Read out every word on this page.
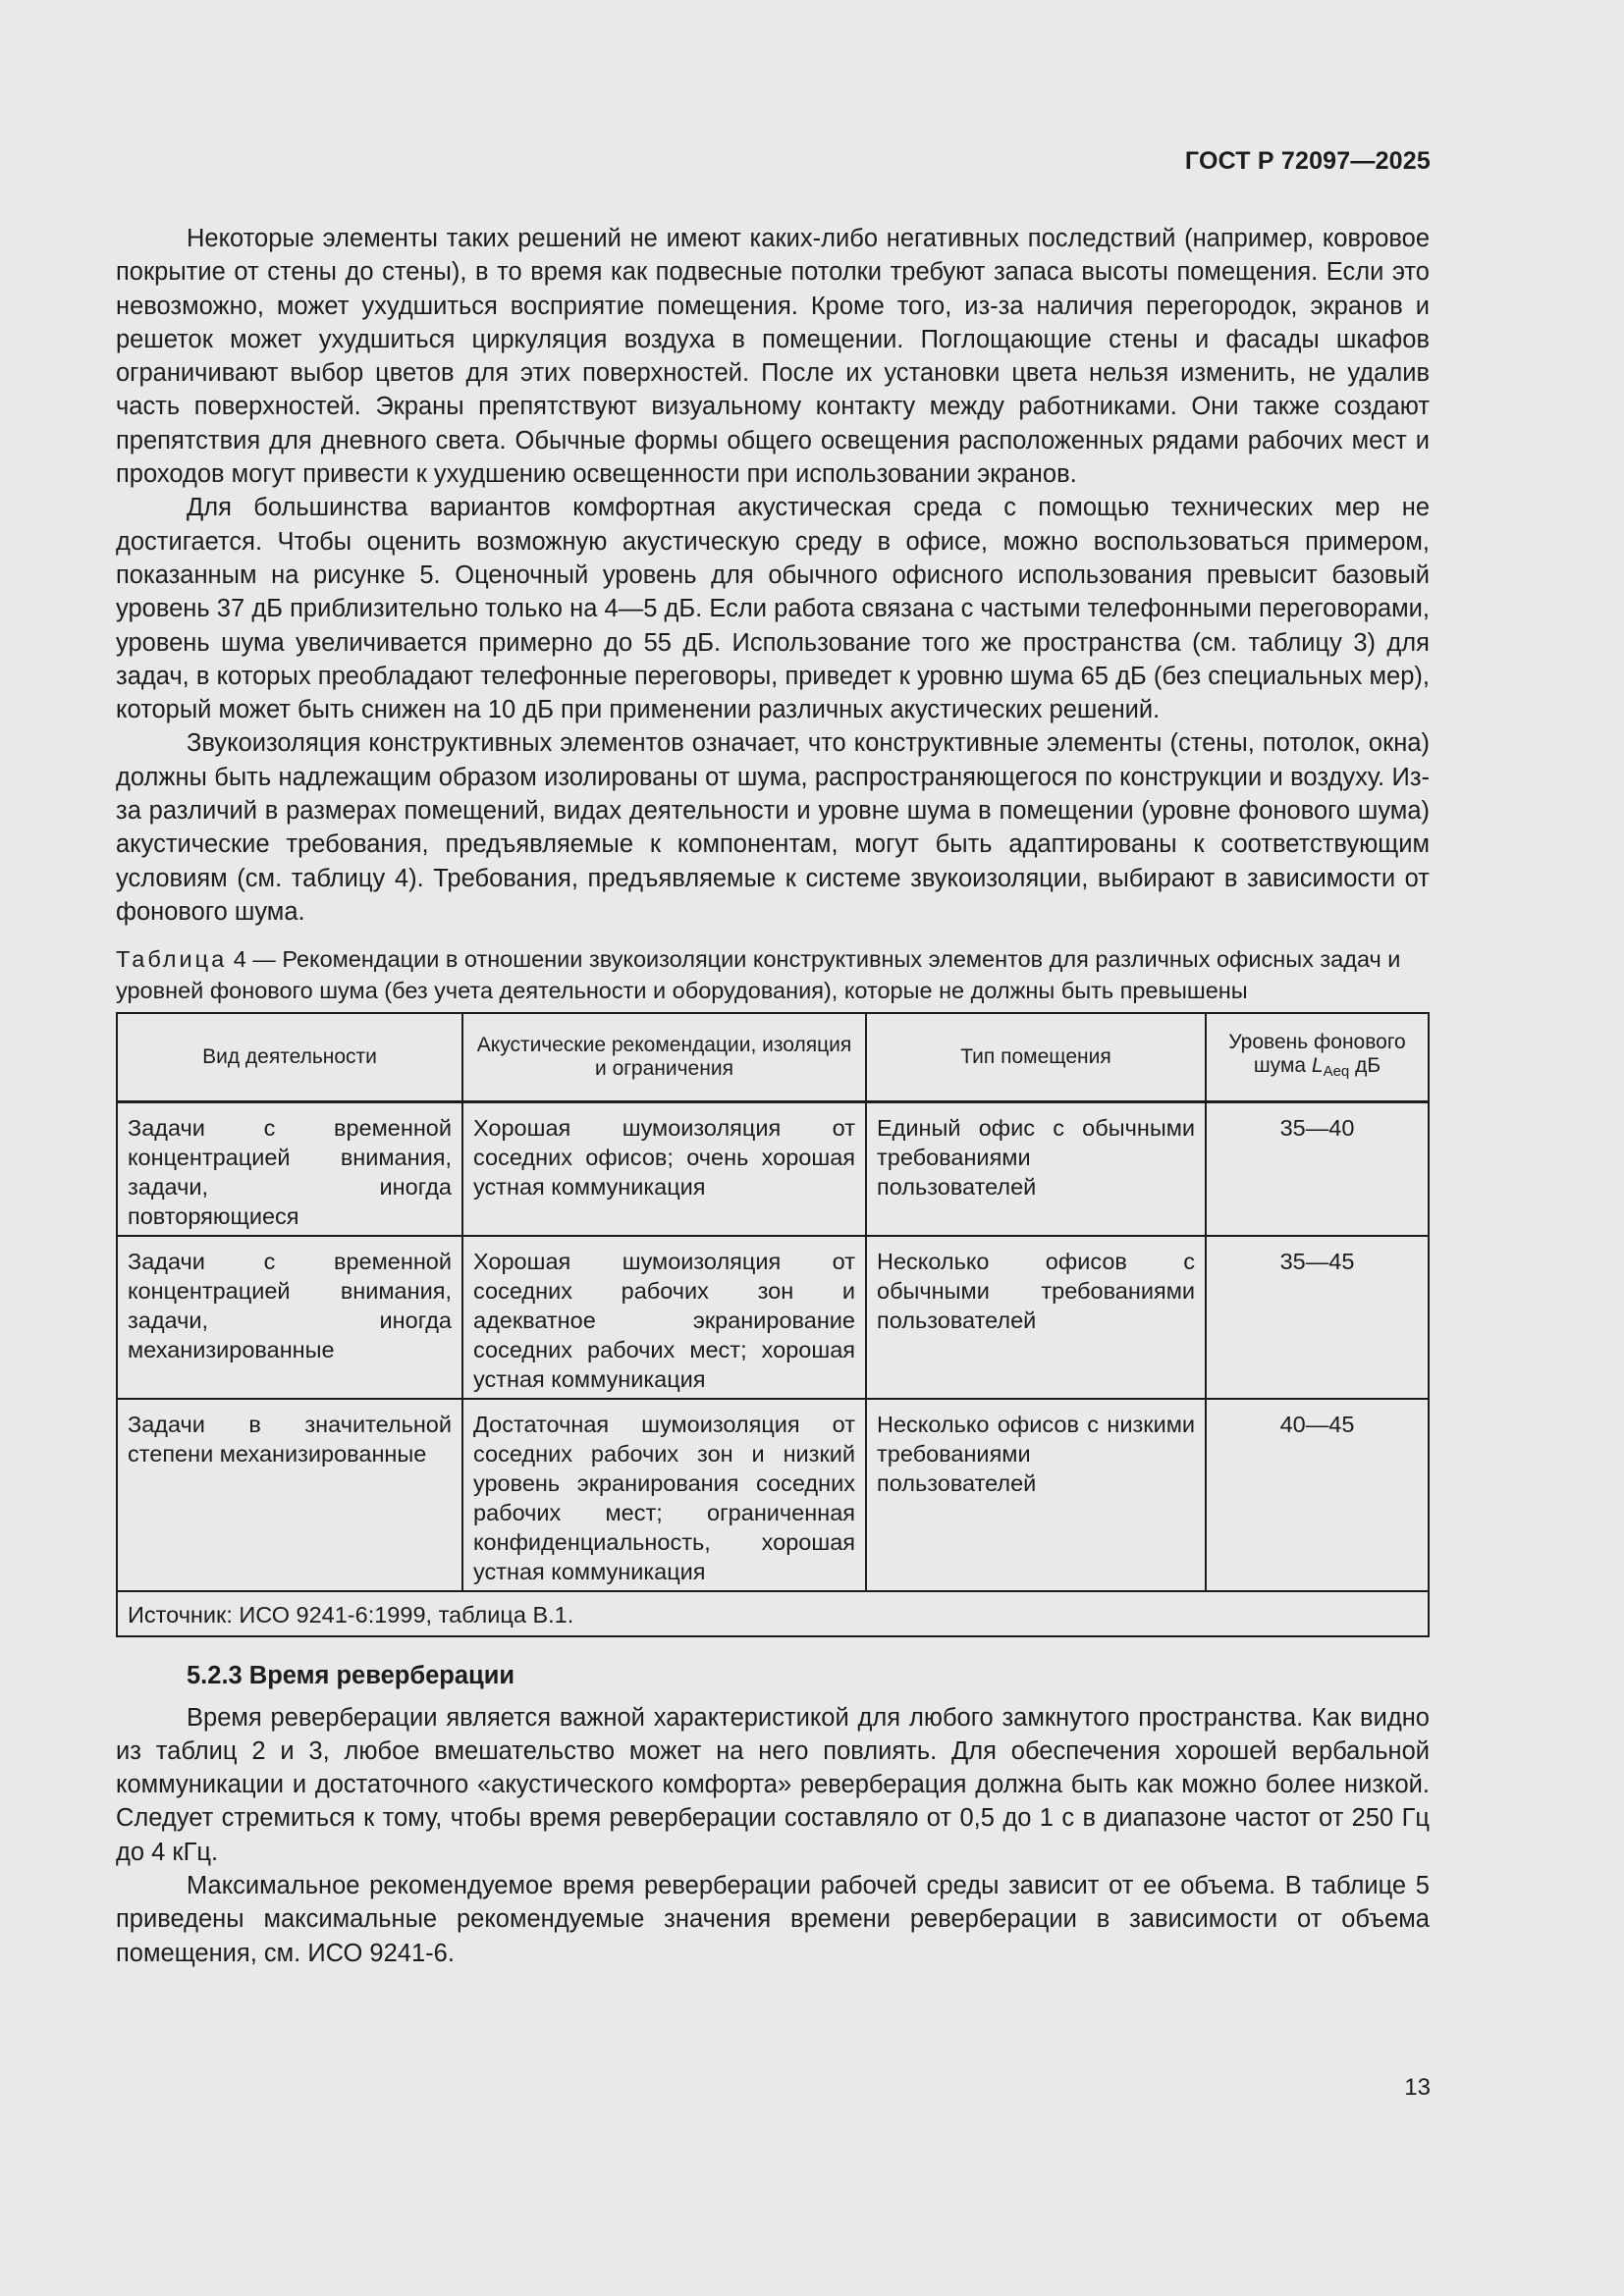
ГОСТ Р 72097—2025

Некоторые элементы таких решений не имеют каких-либо негативных последствий (например, ковровое покрытие от стены до стены), в то время как подвесные потолки требуют запаса высоты помещения. Если это невозможно, может ухудшиться восприятие помещения. Кроме того, из-за наличия перегородок, экранов и решеток может ухудшиться циркуляция воздуха в помещении. Поглощающие стены и фасады шкафов ограничивают выбор цветов для этих поверхностей. После их установки цвета нельзя изменить, не удалив часть поверхностей. Экраны препятствуют визуальному контакту между работниками. Они также создают препятствия для дневного света. Обычные формы общего освещения расположенных рядами рабочих мест и проходов могут привести к ухудшению освещенности при использовании экранов.

Для большинства вариантов комфортная акустическая среда с помощью технических мер не достигается. Чтобы оценить возможную акустическую среду в офисе, можно воспользоваться примером, показанным на рисунке 5. Оценочный уровень для обычного офисного использования превысит базовый уровень 37 дБ приблизительно только на 4—5 дБ. Если работа связана с частыми телефонными переговорами, уровень шума увеличивается примерно до 55 дБ. Использование того же пространства (см. таблицу 3) для задач, в которых преобладают телефонные переговоры, приведет к уровню шума 65 дБ (без специальных мер), который может быть снижен на 10 дБ при применении различных акустических решений.

Звукоизоляция конструктивных элементов означает, что конструктивные элементы (стены, потолок, окна) должны быть надлежащим образом изолированы от шума, распространяющегося по конструкции и воздуху. Из-за различий в размерах помещений, видах деятельности и уровне шума в помещении (уровне фонового шума) акустические требования, предъявляемые к компонентам, могут быть адаптированы к соответствующим условиям (см. таблицу 4). Требования, предъявляемые к системе звукоизоляции, выбирают в зависимости от фонового шума.

Таблица 4 — Рекомендации в отношении звукоизоляции конструктивных элементов для различных офисных задач и уровней фонового шума (без учета деятельности и оборудования), которые не должны быть превышены
Вид деятельности	Акустические рекомендации, изоляция и ограничения	Тип помещения	Уровень фонового шума $L_{Aeq}$ дБ
Задачи с временной концентрацией внимания, задачи, иногда повторяющиеся	Хорошая шумоизоляция от соседних офисов; очень хорошая устная коммуникация	Единый офис с обычными требованиями пользователей	35—40
Задачи с временной концентрацией внимания, задачи, иногда механизированные	Хорошая шумоизоляция от соседних рабочих зон и адекватное экранирование соседних рабочих мест; хорошая устная коммуникация	Несколько офисов с обычными требованиями пользователей	35—45
Задачи в значительной степени механизированные	Достаточная шумоизоляция от соседних рабочих зон и низкий уровень экранирования соседних рабочих мест; ограниченная конфиденциальность, хорошая устная коммуникация	Несколько офисов с низкими требованиями пользователей	40—45
Источник: ИСО 9241-6:1999, таблица B.1.			
5.2.3 Время реверберации

Время реверберации является важной характеристикой для любого замкнутого пространства. Как видно из таблиц 2 и 3, любое вмешательство может на него повлиять. Для обеспечения хорошей вербальной коммуникации и достаточного «акустического комфорта» реверберация должна быть как можно более низкой. Следует стремиться к тому, чтобы время реверберации составляло от 0,5 до 1 с в диапазоне частот от 250 Гц до 4 кГц.

Максимальное рекомендуемое время реверберации рабочей среды зависит от ее объема. В таблице 5 приведены максимальные рекомендуемые значения времени реверберации в зависимости от объема помещения, см. ИСО 9241-6.

13
